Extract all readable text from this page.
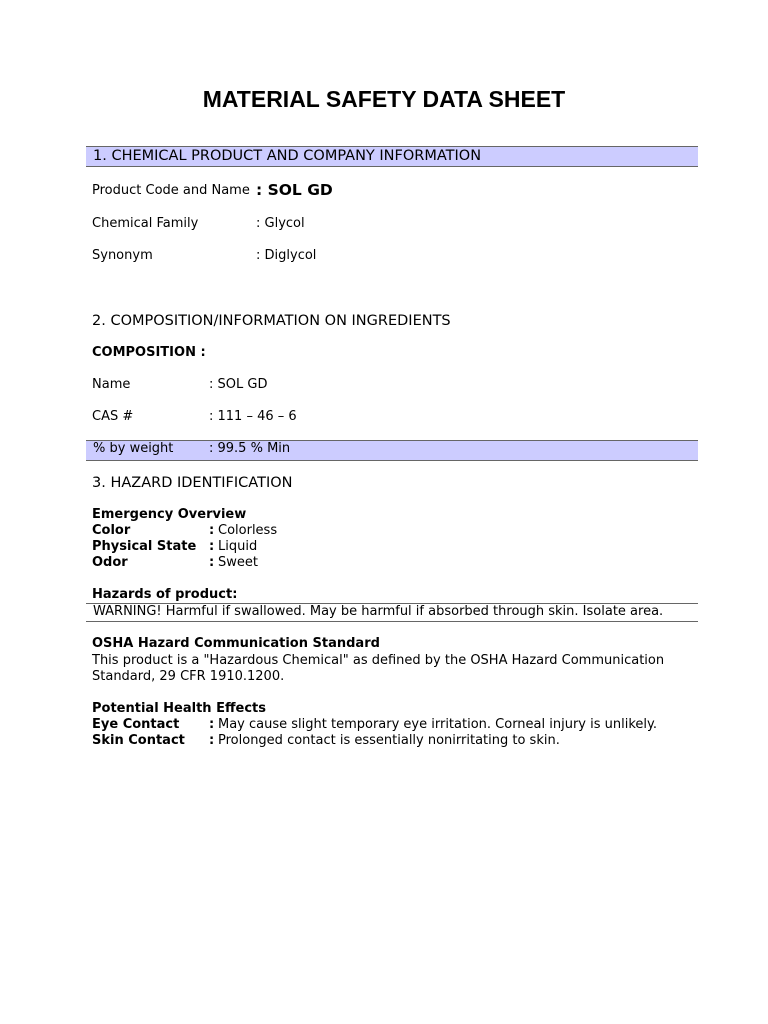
MATERIAL SAFETY DATA SHEET
1. CHEMICAL PRODUCT AND COMPANY INFORMATION
Product Code and Name : SOL GD
Chemical Family	: Glycol
Synonym	: Diglycol
2. COMPOSITION/INFORMATION ON INGREDIENTS
COMPOSITION :
Name	: SOL GD
CAS #	: 111 – 46 – 6
% by weight	: 99.5 % Min
3. HAZARD IDENTIFICATION
Emergency Overview
Color	: Colorless
Physical State : Liquid
Odor	: Sweet
Hazards of product:
WARNING! Harmful if swallowed. May be harmful if absorbed through skin. Isolate area.
OSHA Hazard Communication Standard
This product is a "Hazardous Chemical" as defined by the OSHA Hazard Communication
Standard, 29 CFR 1910.1200.
Potential Health Effects
Eye Contact : May cause slight temporary eye irritation. Corneal injury is unlikely.
Skin Contact : Prolonged contact is essentially nonirritating to skin.
